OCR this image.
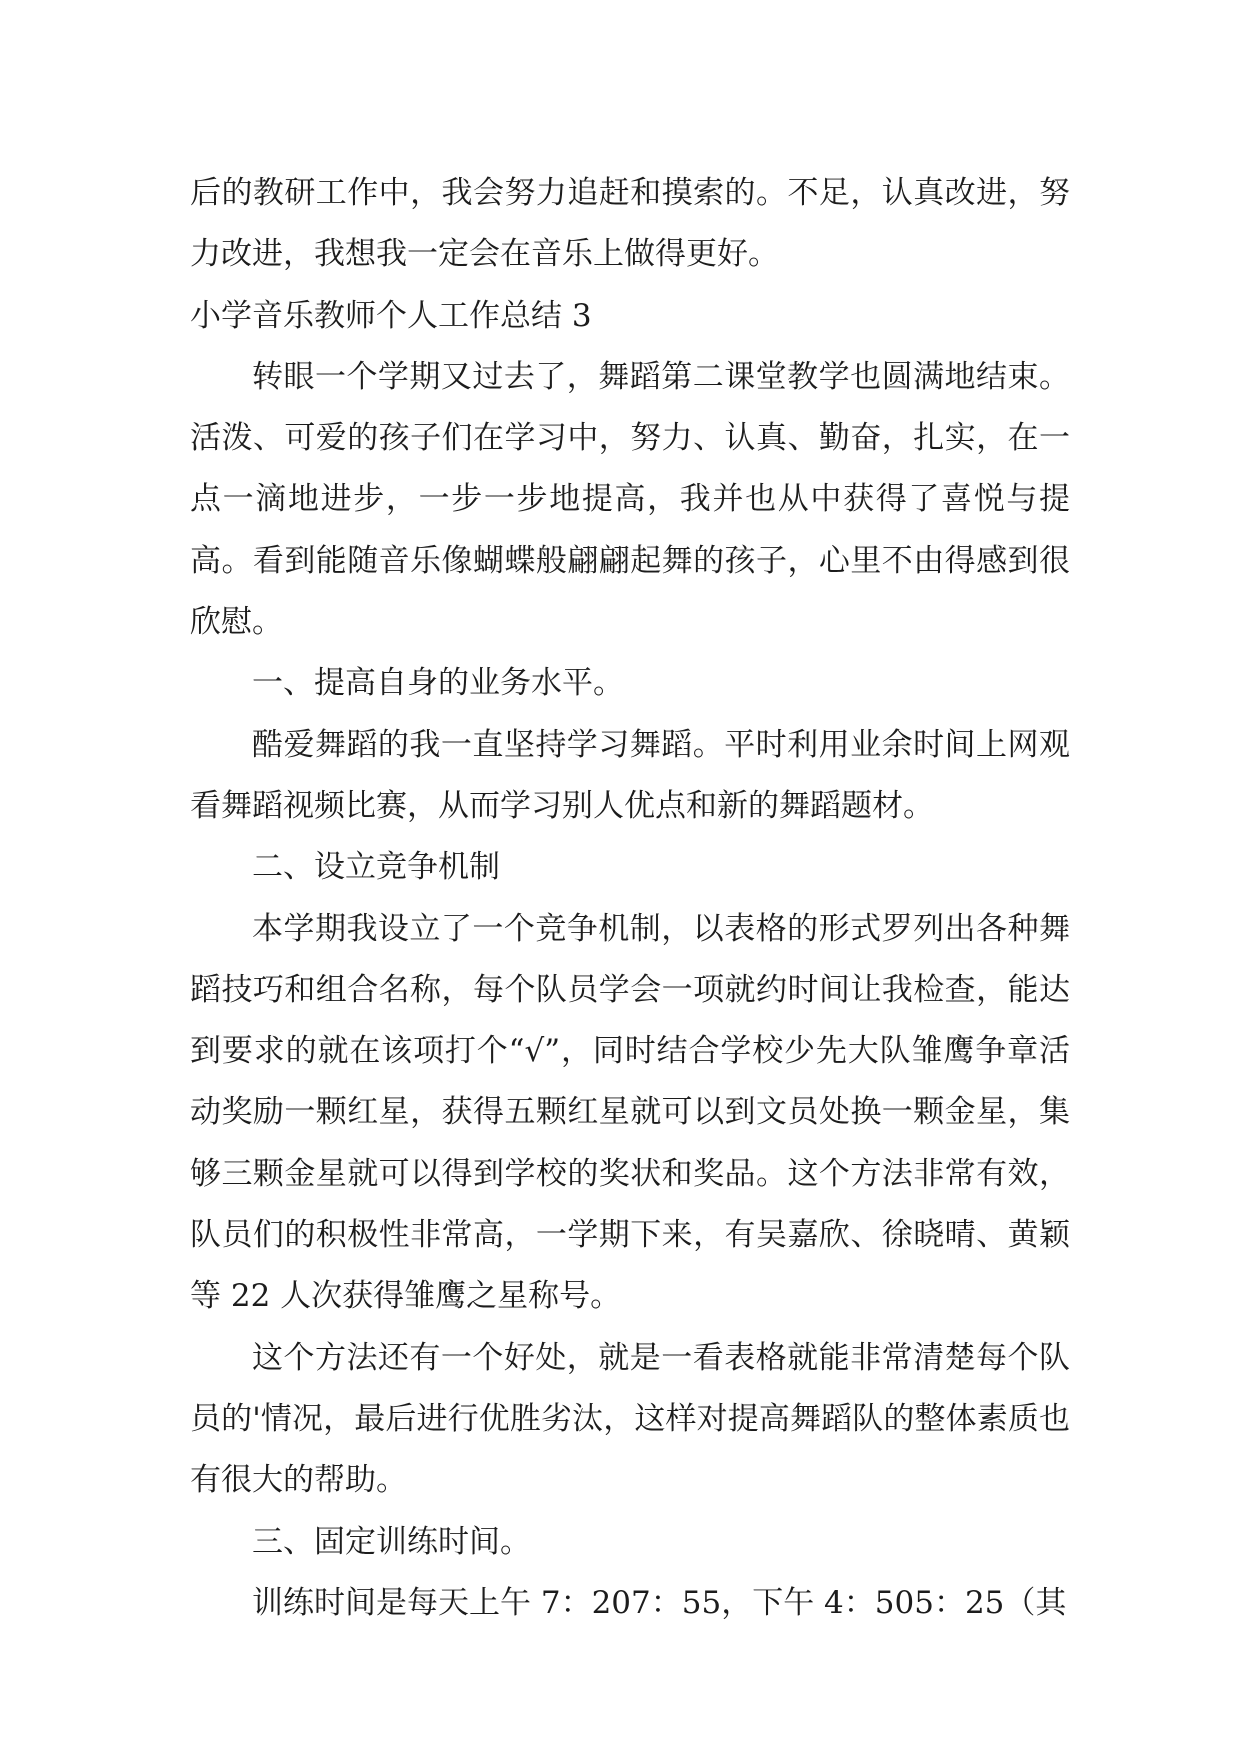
后的教研工作中，我会努力追赶和摸索的。不足，认真改进，努力改进，我想我一定会在音乐上做得更好。

小学音乐教师个人工作总结 3

转眼一个学期又过去了，舞蹈第二课堂教学也圆满地结束。活泼、可爱的孩子们在学习中，努力、认真、勤奋，扎实，在一点一滴地进步，一步一步地提高，我并也从中获得了喜悦与提高。看到能随音乐像蝴蝶般翩翩起舞的孩子，心里不由得感到很欣慰。

一、提高自身的业务水平。

酷爱舞蹈的我一直坚持学习舞蹈。平时利用业余时间上网观看舞蹈视频比赛，从而学习别人优点和新的舞蹈题材。

二、设立竞争机制

本学期我设立了一个竞争机制，以表格的形式罗列出各种舞蹈技巧和组合名称，每个队员学会一项就约时间让我检查，能达到要求的就在该项打个“√”，同时结合学校少先大队雏鹰争章活动奖励一颗红星，获得五颗红星就可以到文员处换一颗金星，集够三颗金星就可以得到学校的奖状和奖品。这个方法非常有效，队员们的积极性非常高，一学期下来，有吴嘉欣、徐晓晴、黄颖等 22 人次获得雏鹰之星称号。

这个方法还有一个好处，就是一看表格就能非常清楚每个队员的'情况，最后进行优胜劣汰，这样对提高舞蹈队的整体素质也有很大的帮助。

三、固定训练时间。

训练时间是每天上午 7：207：55，下午 4：505：25（其
